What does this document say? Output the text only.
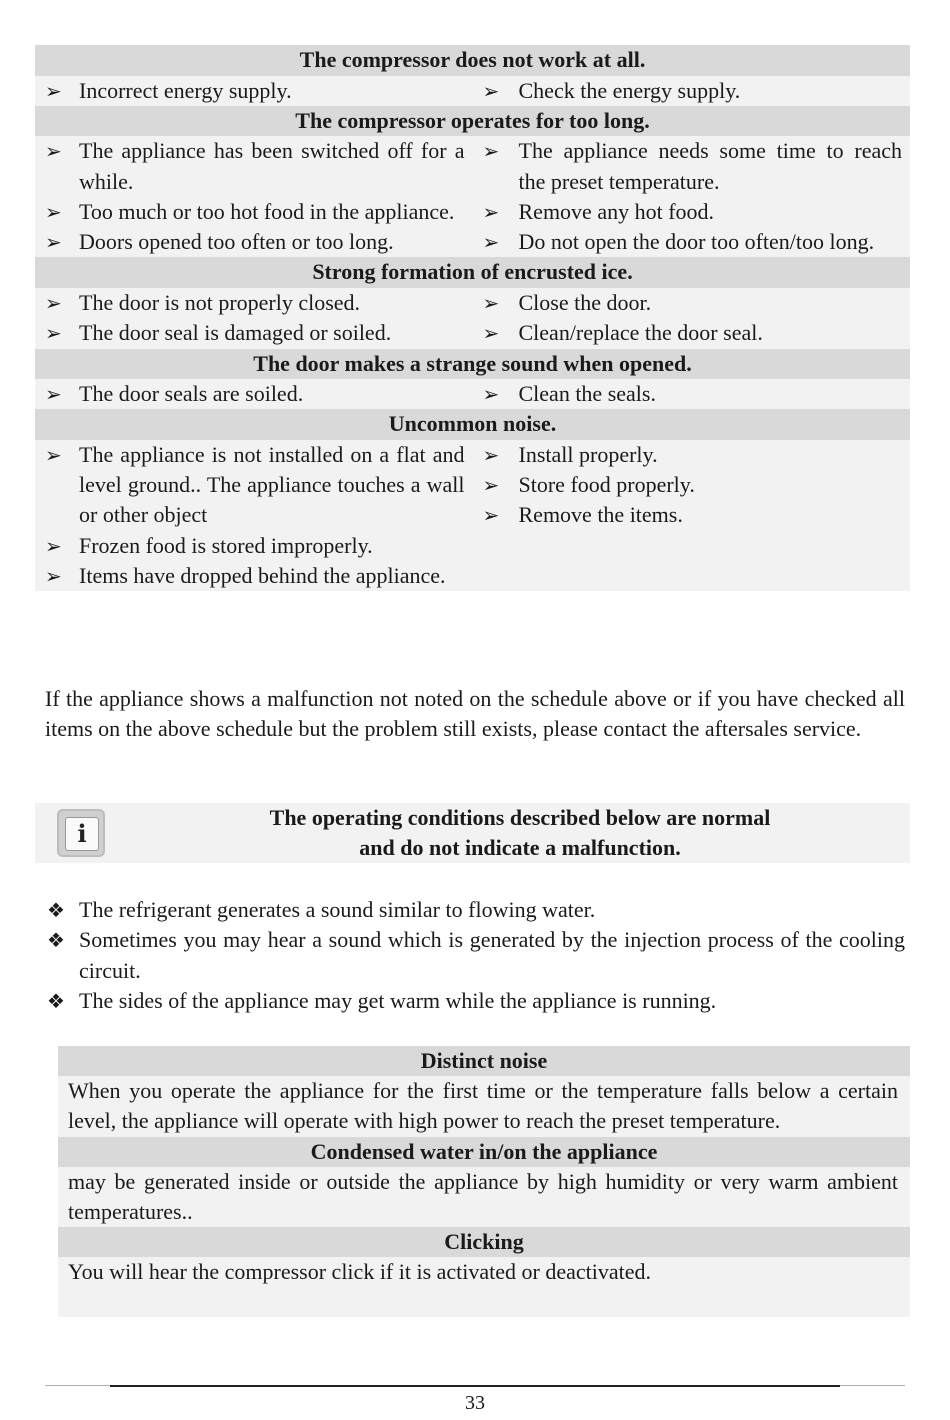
The compressor does not work at all.
➢ Incorrect energy supply.	➢ Check the energy supply.
The compressor operates for too long.
➢ The appliance has been switched off for a while.
➢ Too much or too hot food in the appliance.
➢ Doors opened too often or too long.
➢ The appliance needs some time to reach the preset temperature.
➢ Remove any hot food.
➢ Do not open the door too often/too long.
Strong formation of encrusted ice.
➢ The door is not properly closed.
➢ The door seal is damaged or soiled.
➢ Close the door.
➢ Clean/replace the door seal.
The door makes a strange sound when opened.
➢ The door seals are soiled.	➢ Clean the seals.
Uncommon noise.
➢ The appliance is not installed on a flat and level ground.. The appliance touches a wall or other object
➢ Frozen food is stored improperly.
➢ Items have dropped behind the appliance.
➢ Install properly.
➢ Store food properly.
➢ Remove the items.
If the appliance shows a malfunction not noted on the schedule above or if you have checked all items on the above schedule but the problem still exists, please contact the aftersales service.
i
The operating conditions described below are normal
and do not indicate a malfunction.
❖ The refrigerant generates a sound similar to flowing water.
❖ Sometimes you may hear a sound which is generated by the injection process of the cooling circuit.
❖ The sides of the appliance may get warm while the appliance is running.
Distinct noise
When you operate the appliance for the first time or the temperature falls below a certain level, the appliance will operate with high power to reach the preset temperature.
Condensed water in/on the appliance
may be generated inside or outside the appliance by high humidity or very warm ambient temperatures..
Clicking
You will hear the compressor click if it is activated or deactivated.
33
